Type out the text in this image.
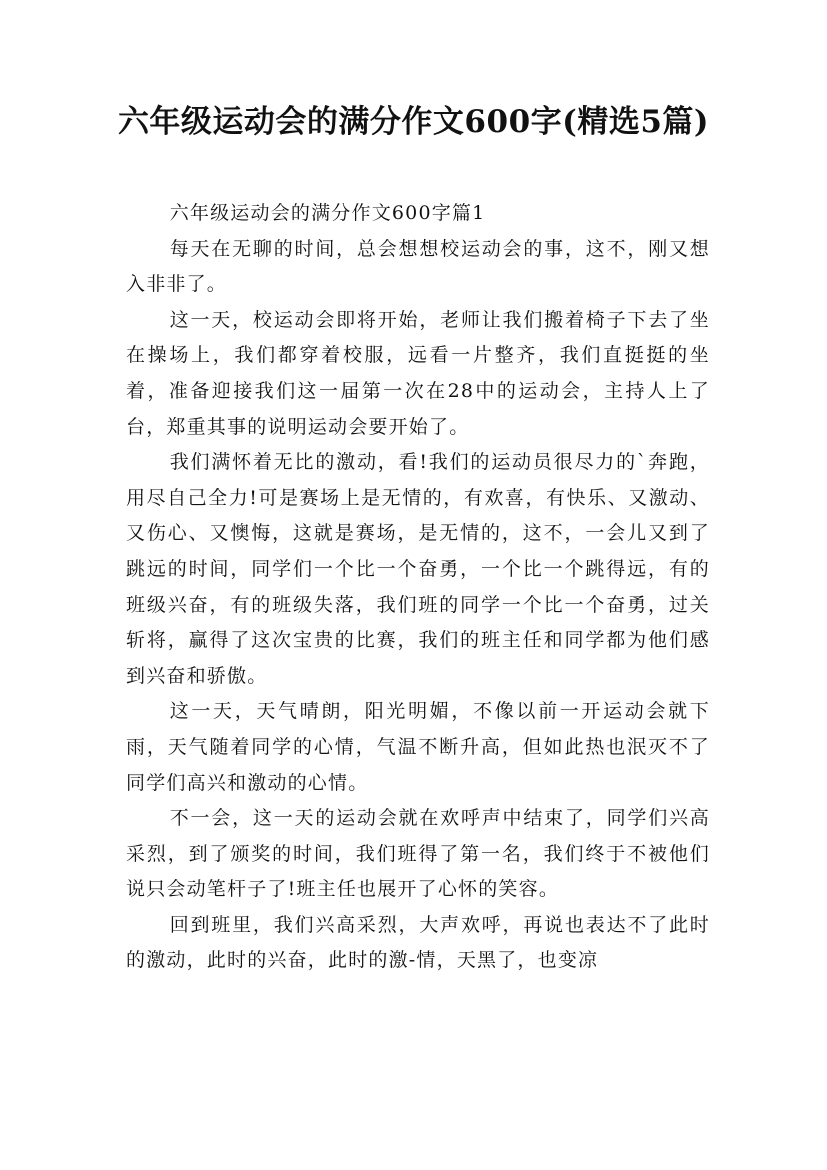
六年级运动会的满分作文600字(精选5篇)
六年级运动会的满分作文600字篇1

每天在无聊的时间，总会想想校运动会的事，这不，刚又想入非非了。

这一天，校运动会即将开始，老师让我们搬着椅子下去了坐在操场上，我们都穿着校服，远看一片整齐，我们直挺挺的坐着，准备迎接我们这一届第一次在28中的运动会，主持人上了台，郑重其事的说明运动会要开始了。

我们满怀着无比的激动，看!我们的运动员很尽力的`奔跑，用尽自己全力!可是赛场上是无情的，有欢喜，有快乐、又激动、又伤心、又懊悔，这就是赛场，是无情的，这不，一会儿又到了跳远的时间，同学们一个比一个奋勇，一个比一个跳得远，有的班级兴奋，有的班级失落，我们班的同学一个比一个奋勇，过关斩将，赢得了这次宝贵的比赛，我们的班主任和同学都为他们感到兴奋和骄傲。

这一天，天气晴朗，阳光明媚，不像以前一开运动会就下雨，天气随着同学的心情，气温不断升高，但如此热也泯灭不了同学们高兴和激动的心情。

不一会，这一天的运动会就在欢呼声中结束了，同学们兴高采烈，到了颁奖的时间，我们班得了第一名，我们终于不被他们说只会动笔杆子了!班主任也展开了心怀的笑容。

回到班里，我们兴高采烈，大声欢呼，再说也表达不了此时的激动，此时的兴奋，此时的激-情，天黑了，也变凉
